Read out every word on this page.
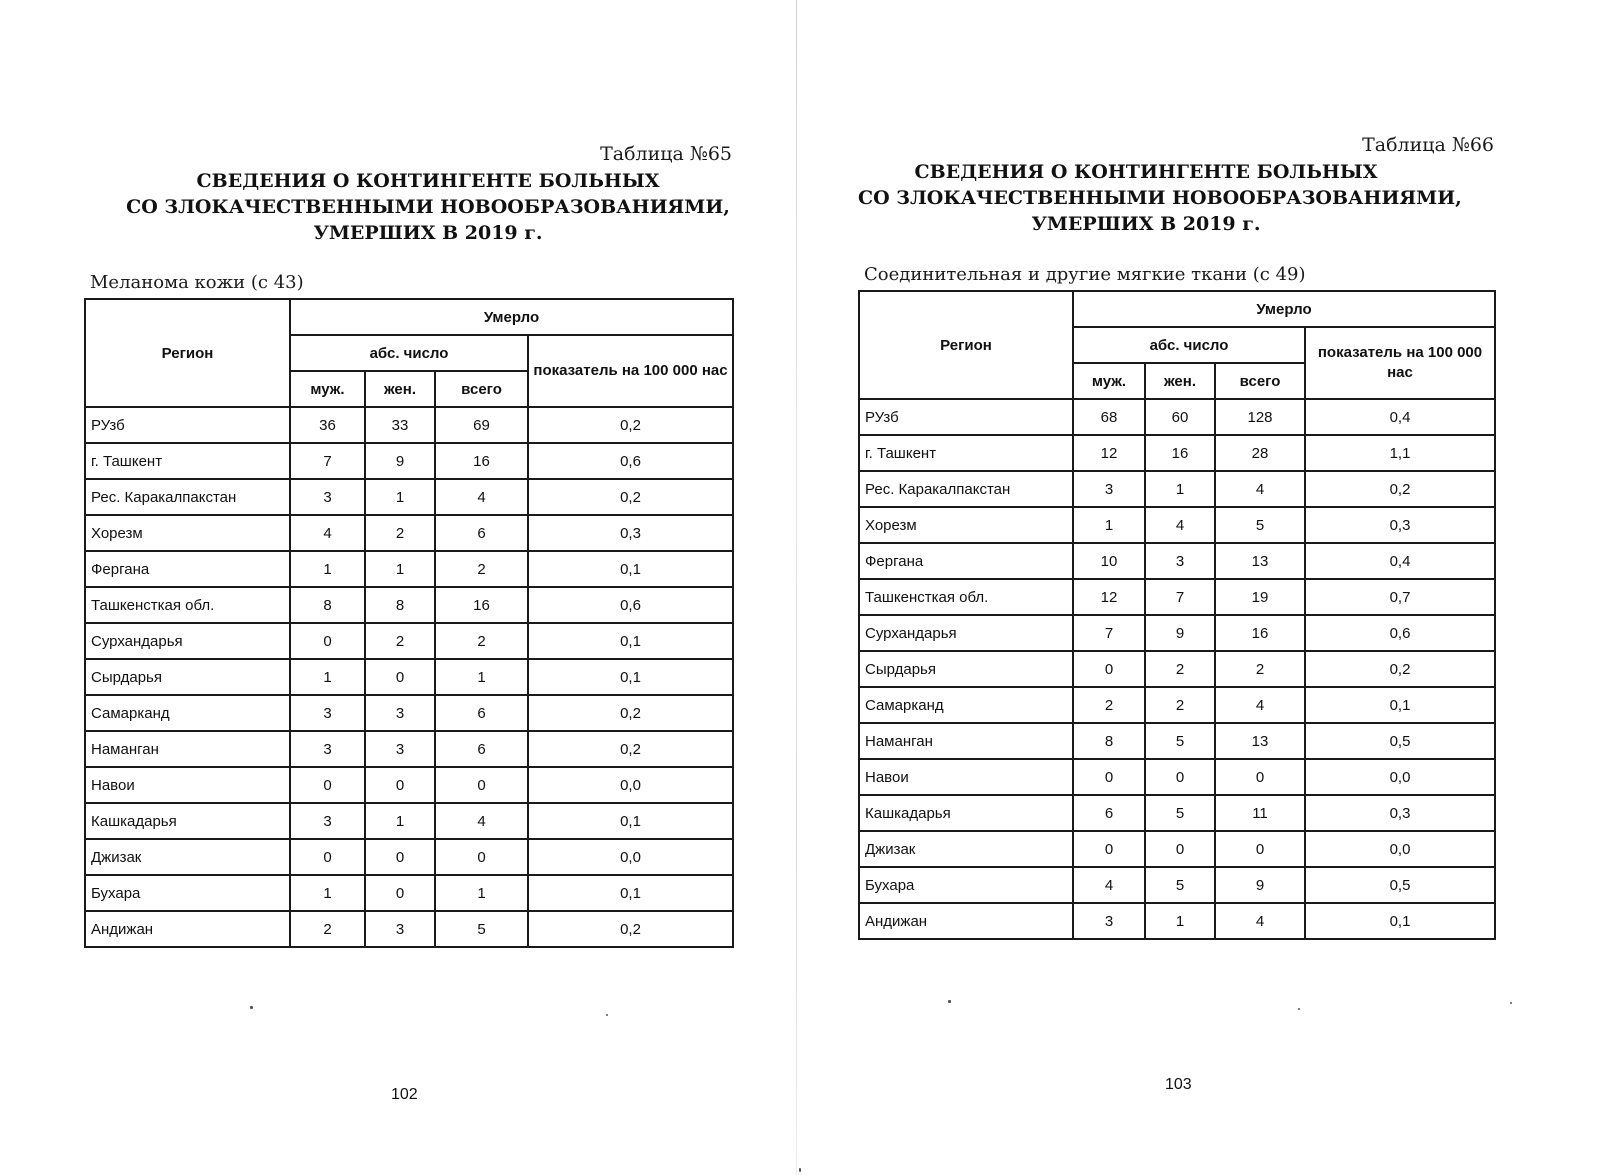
Таблица №65
СВЕДЕНИЯ О КОНТИНГЕНТЕ БОЛЬНЫХ
СО ЗЛОКАЧЕСТВЕННЫМИ НОВООБРАЗОВАНИЯМИ,
УМЕРШИХ В 2019 г.
Меланома кожи (с 43)
Регион	Умерло			
	абс. число			показатель на 100 000 нас
	муж.	жен.	всего	
РУзб	36	33	69	0,2
г. Ташкент	7	9	16	0,6
Рес. Каракалпакстан	3	1	4	0,2
Хорезм	4	2	6	0,3
Фергана	1	1	2	0,1
Ташкенсткая обл.	8	8	16	0,6
Сурхандарья	0	2	2	0,1
Сырдарья	1	0	1	0,1
Самарканд	3	3	6	0,2
Наманган	3	3	6	0,2
Навои	0	0	0	0,0
Кашкадарья	3	1	4	0,1
Джизак	0	0	0	0,0
Бухара	1	0	1	0,1
Андижан	2	3	5	0,2
102
Таблица №66
СВЕДЕНИЯ О КОНТИНГЕНТЕ БОЛЬНЫХ
СО ЗЛОКАЧЕСТВЕННЫМИ НОВООБРАЗОВАНИЯМИ,
УМЕРШИХ В 2019 г.
Соединительная и другие мягкие ткани (с 49)
Регион	Умерло			
	абс. число			показатель на 100 000 нас
	муж.	жен.	всего	
РУзб	68	60	128	0,4
г. Ташкент	12	16	28	1,1
Рес. Каракалпакстан	3	1	4	0,2
Хорезм	1	4	5	0,3
Фергана	10	3	13	0,4
Ташкенсткая обл.	12	7	19	0,7
Сурхандарья	7	9	16	0,6
Сырдарья	0	2	2	0,2
Самарканд	2	2	4	0,1
Наманган	8	5	13	0,5
Навои	0	0	0	0,0
Кашкадарья	6	5	11	0,3
Джизак	0	0	0	0,0
Бухара	4	5	9	0,5
Андижан	3	1	4	0,1
103
